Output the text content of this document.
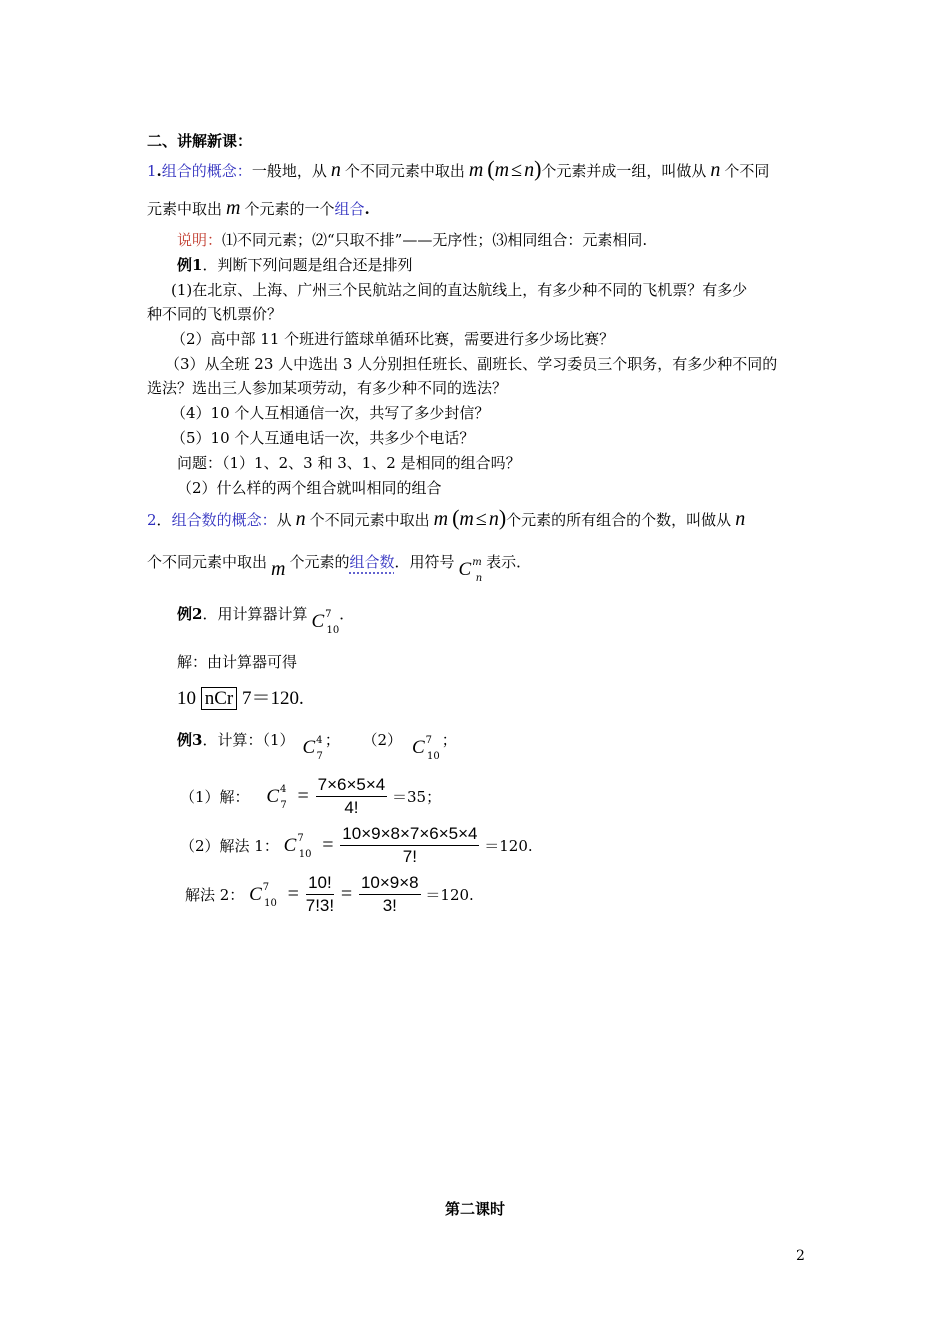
二、讲解新课：
1.组合的概念：一般地，从 n 个不同元素中取出 m (m ≤ n)个元素并成一组，叫做从 n 个不同
元素中取出 m 个元素的一个组合.
说明：⑴不同元素；⑵“只取不排”——无序性；⑶相同组合：元素相同.
例1．判断下列问题是组合还是排列
(1)在北京、上海、广州三个民航站之间的直达航线上，有多少种不同的飞机票？有多少
种不同的飞机票价？
（2）高中部 11 个班进行篮球单循环比赛，需要进行多少场比赛？
（3）从全班 23 人中选出 3 人分别担任班长、副班长、学习委员三个职务，有多少种不同的
选法？选出三人参加某项劳动，有多少种不同的选法？
（4）10 个人互相通信一次，共写了多少封信？
（5）10 个人互通电话一次，共多少个电话？
问题：（1）1、2、3 和 3、1、2 是相同的组合吗？
（2）什么样的两个组合就叫相同的组合
2．组合数的概念：从 n 个不同元素中取出 m (m ≤ n)个元素的所有组合的个数，叫做从 n
个不同元素中取出 m 个元素的组合数．用符号 $C^m_n$表示．
例2．用计算器计算 $C^7_{10}$．
解：由计算器可得
10 nCr 7＝120.
例3．计算：（1） $C^4_7$； （2） $C^7_{10}$；
（1）解： $C^4_7 = \frac{7\times 6\times 5\times 4}{4!} =35$；
（2）解法 1： $C^7_{10} = \frac{10\times 9\times 8\times 7\times 6\times 5\times 4}{7!} =120$.
解法 2： $C^7_{10} = \frac{10!}{7!3!} = \frac{10\times 9\times 8}{3!} =120$.
第二课时
2
